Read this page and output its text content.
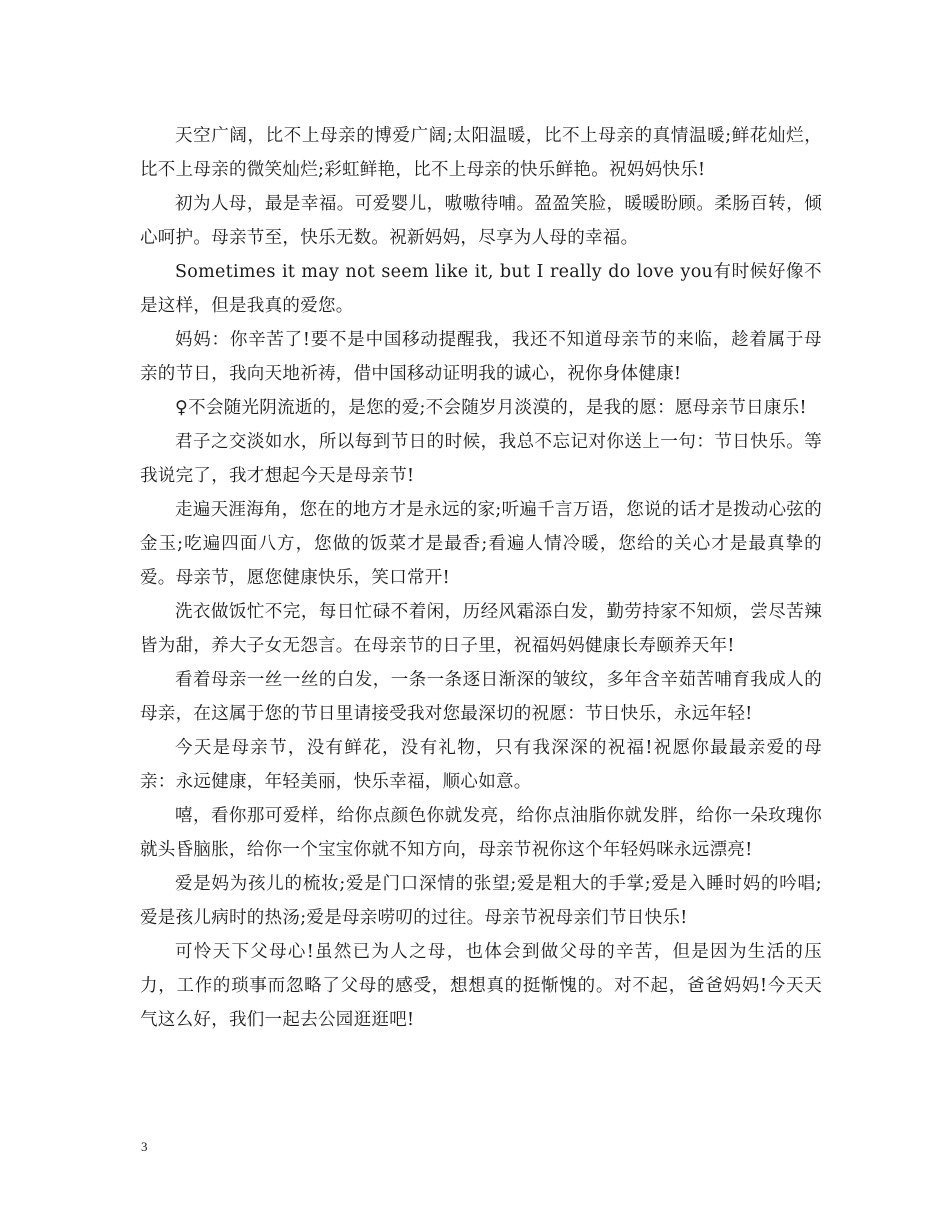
天空广阔，比不上母亲的博爱广阔;太阳温暖，比不上母亲的真情温暖;鲜花灿烂，比不上母亲的微笑灿烂;彩虹鲜艳，比不上母亲的快乐鲜艳。祝妈妈快乐!

初为人母，最是幸福。可爱婴儿，嗷嗷待哺。盈盈笑脸，暖暖盼顾。柔肠百转，倾心呵护。母亲节至，快乐无数。祝新妈妈，尽享为人母的幸福。

Sometimes it may not seem like it, but I really do love you有时候好像不是这样，但是我真的爱您。

妈妈：你辛苦了!要不是中国移动提醒我，我还不知道母亲节的来临，趁着属于母亲的节日，我向天地祈祷，借中国移动证明我的诚心，祝你身体健康!

♀不会随光阴流逝的，是您的爱;不会随岁月淡漠的，是我的愿：愿母亲节日康乐!

君子之交淡如水，所以每到节日的时候，我总不忘记对你送上一句：节日快乐。等我说完了，我才想起今天是母亲节!

走遍天涯海角，您在的地方才是永远的家;听遍千言万语，您说的话才是拨动心弦的金玉;吃遍四面八方，您做的饭菜才是最香;看遍人情冷暖，您给的关心才是最真挚的爱。母亲节，愿您健康快乐，笑口常开!

洗衣做饭忙不完，每日忙碌不着闲，历经风霜添白发，勤劳持家不知烦，尝尽苦辣皆为甜，养大子女无怨言。在母亲节的日子里，祝福妈妈健康长寿颐养天年!

看着母亲一丝一丝的白发，一条一条逐日渐深的皱纹，多年含辛茹苦哺育我成人的母亲，在这属于您的节日里请接受我对您最深切的祝愿：节日快乐，永远年轻!

今天是母亲节，没有鲜花，没有礼物，只有我深深的祝福!祝愿你最最亲爱的母亲：永远健康，年轻美丽，快乐幸福，顺心如意。

嘻，看你那可爱样，给你点颜色你就发亮，给你点油脂你就发胖，给你一朵玫瑰你就头昏脑胀，给你一个宝宝你就不知方向，母亲节祝你这个年轻妈咪永远漂亮!

爱是妈为孩儿的梳妆;爱是门口深情的张望;爱是粗大的手掌;爱是入睡时妈的吟唱;爱是孩儿病时的热汤;爱是母亲唠叨的过往。母亲节祝母亲们节日快乐!

可怜天下父母心!虽然已为人之母，也体会到做父母的辛苦，但是因为生活的压力，工作的琐事而忽略了父母的感受，想想真的挺惭愧的。对不起，爸爸妈妈!今天天气这么好，我们一起去公园逛逛吧!

3
